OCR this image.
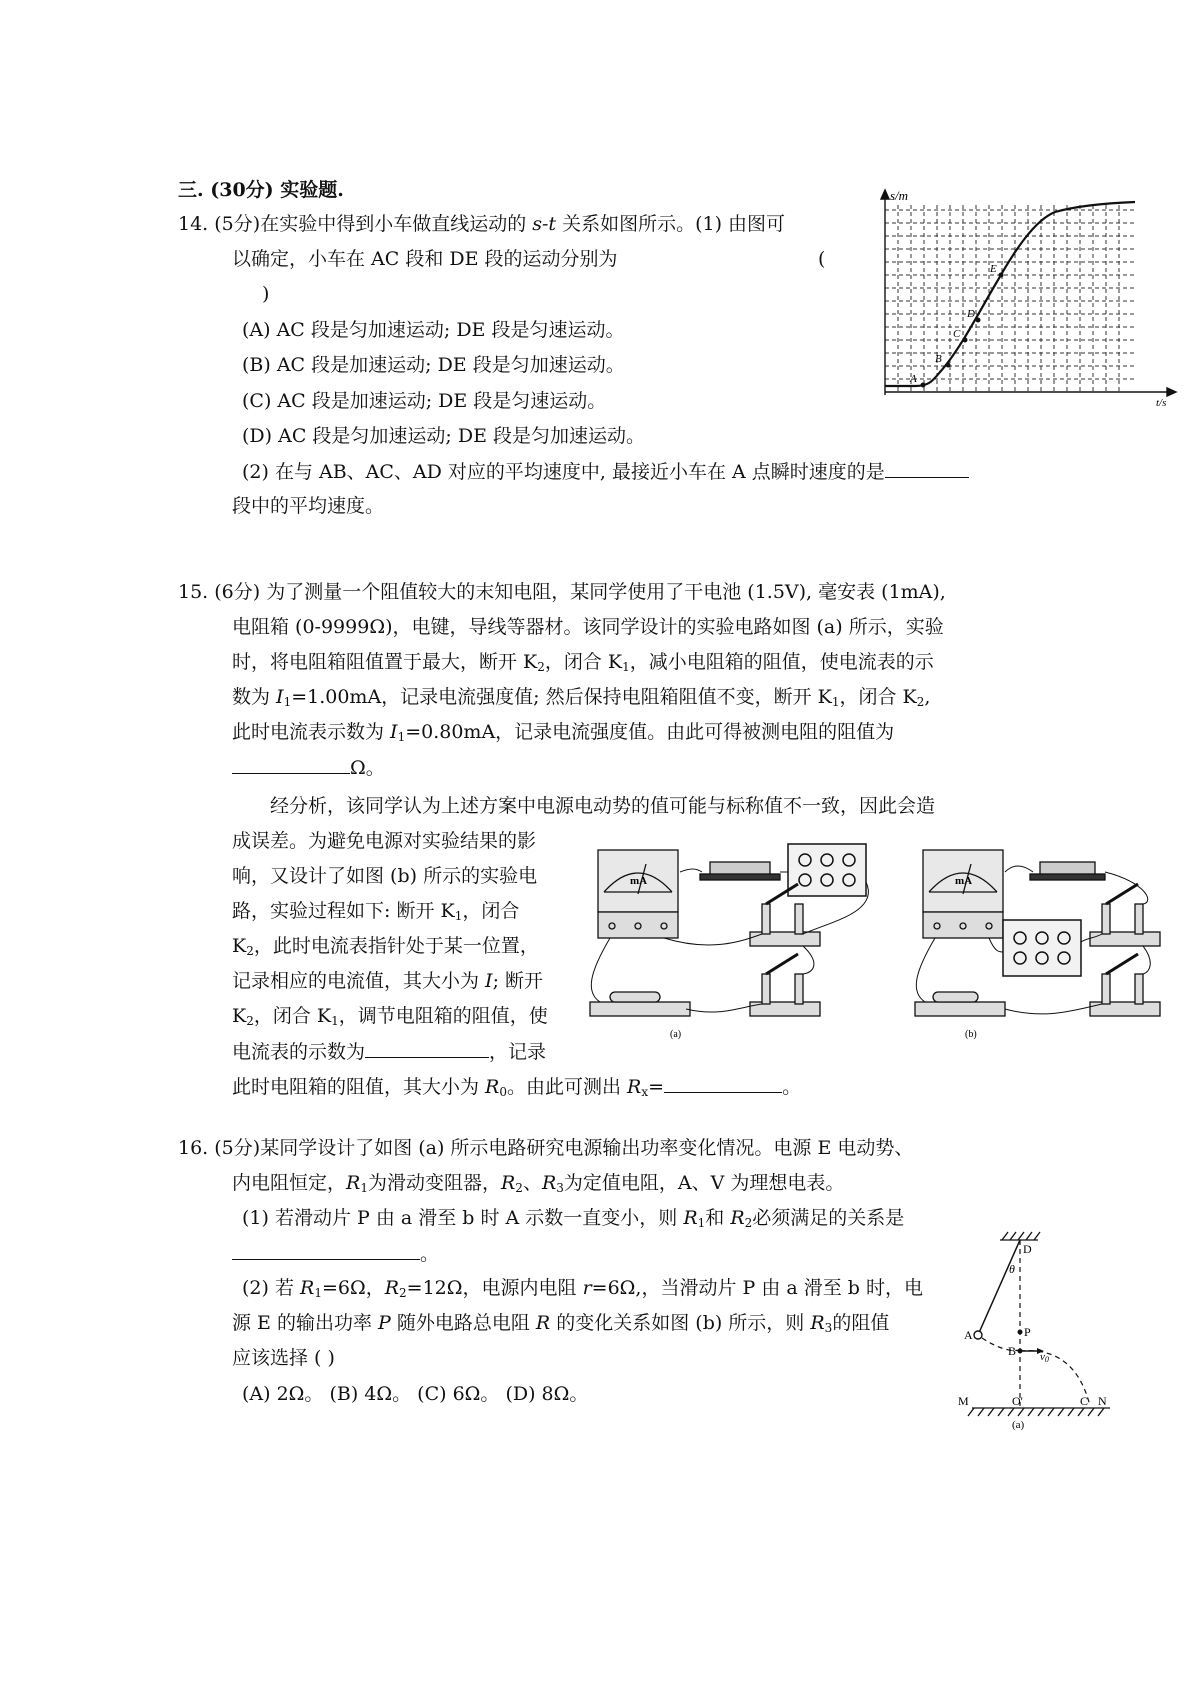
三. (30分) 实验题.
14. (5分)在实验中得到小车做直线运动的 s-t 关系如图所示。(1) 由图可
以确定，小车在 AC 段和 DE 段的运动分别为	(
)
(A) AC 段是匀加速运动; DE 段是匀速运动。
(B) AC 段是加速运动; DE 段是匀加速运动。
(C) AC 段是加速运动; DE 段是匀速运动。
(D) AC 段是匀加速运动; DE 段是匀加速运动。
(2) 在与 AB、AC、AD 对应的平均速度中, 最接近小车在 A 点瞬时速度的是
段中的平均速度。
s/m
t/s
A
B
C
D
E
15. (6分) 为了测量一个阻值较大的末知电阻，某同学使用了干电池 (1.5V), 毫安表 (1mA),
电阻箱 (0-9999Ω)，电键，导线等器材。该同学设计的实验电路如图 (a) 所示，实验
时，将电阻箱阻值置于最大，断开 $K_2$，闭合 $K_1$，减小电阻箱的阻值，使电流表的示
数为 $I_1=1.00mA$，记录电流强度值; 然后保持电阻箱阻值不变，断开 $K_1$，闭合 $K_2$,
此时电流表示数为 $I_1=0.80mA$，记录电流强度值。由此可得被测电阻的阻值为
Ω。
经分析，该同学认为上述方案中电源电动势的值可能与标称值不一致，因此会造
成误差。为避免电源对实验结果的影
响，又设计了如图 (b) 所示的实验电
路，实验过程如下: 断开 $K_1$，闭合
$K_2$，此时电流表指针处于某一位置，
记录相应的电流值，其大小为 I; 断开
$K_2$，闭合 $K_1$，调节电阻箱的阻值，使
电流表的示数为	，记录
此时电阻箱的阻值，其大小为 $R_0$。由此可测出 $R_x=$	。
mA
(a)
mA
(b)
16. (5分)某同学设计了如图 (a) 所示电路研究电源输出功率变化情况。电源 E 电动势、
内电阻恒定，$R_1$为滑动变阻器，$R_2$、$R_3$为定值电阻，A、V 为理想电表。
(1) 若滑动片 P 由 a 滑至 b 时 A 示数一直变小，则 $R_1$和 $R_2$必须满足的关系是
。
(2) 若 $R_1=6\Omega$，$R_2=12\Omega$，电源内电阻 r=6Ω,，当滑动片 P 由 a 滑至 b 时，电
源 E 的输出功率 P 随外电路总电阻 R 的变化关系如图 (b) 所示，则 $R_3$的阻值
应该选择 ( )
(A) 2Ω。 (B) 4Ω。 (C) 6Ω。 (D) 8Ω。
D
θ
A	P
B v0
M	O'	C N
(a)
